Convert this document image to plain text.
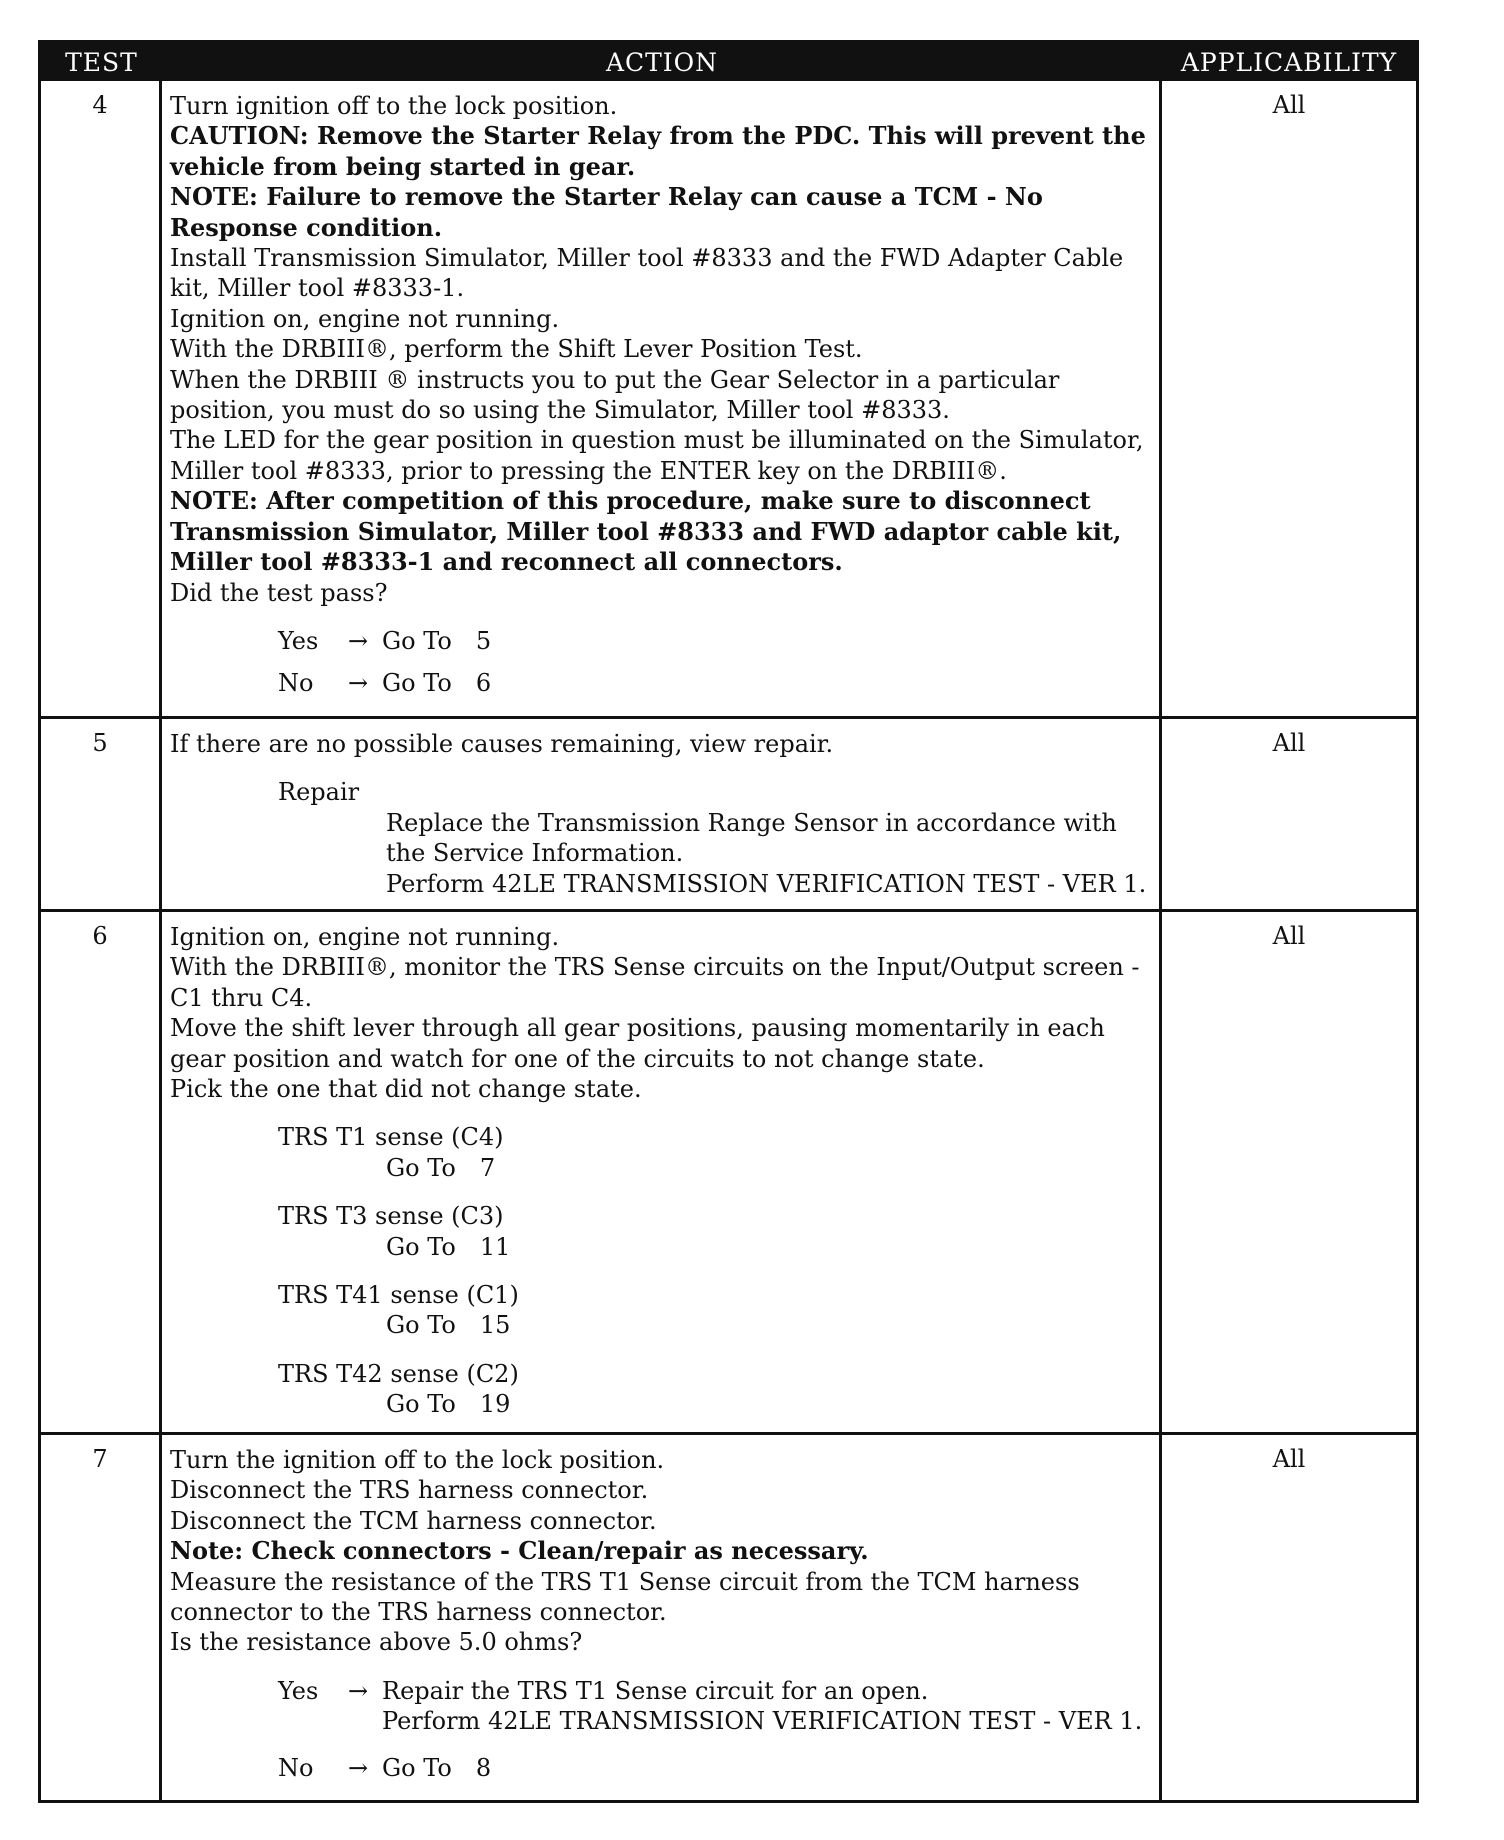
TEST	ACTION	APPLICABILITY
4	Turn ignition off to the lock position.
CAUTION: Remove the Starter Relay from the PDC. This will prevent the vehicle from being started in gear.
NOTE: Failure to remove the Starter Relay can cause a TCM - No Response condition.
Install Transmission Simulator, Miller tool #8333 and the FWD Adapter Cable kit, Miller tool #8333-1.
Ignition on, engine not running.
With the DRBIII®, perform the Shift Lever Position Test.
When the DRBIII ® instructs you to put the Gear Selector in a particular position, you must do so using the Simulator, Miller tool #8333.
The LED for the gear position in question must be illuminated on the Simulator, Miller tool #8333, prior to pressing the ENTER key on the DRBIII®.
NOTE: After competition of this procedure, make sure to disconnect Transmission Simulator, Miller tool #8333 and FWD adaptor cable kit, Miller tool #8333-1 and reconnect all connectors.
Did the test pass?
Yes	→ Go To 5
No	→ Go To 6
All
5	If there are no possible causes remaining, view repair.
Repair
Replace the Transmission Range Sensor in accordance with the Service Information.
Perform 42LE TRANSMISSION VERIFICATION TEST - VER 1.
All
6	Ignition on, engine not running.
With the DRBIII®, monitor the TRS Sense circuits on the Input/Output screen - C1 thru C4.
Move the shift lever through all gear positions, pausing momentarily in each gear position and watch for one of the circuits to not change state.
Pick the one that did not change state.
TRS T1 sense (C4)
Go To 7
TRS T3 sense (C3)
Go To 11
TRS T41 sense (C1)
Go To 15
TRS T42 sense (C2)
Go To 19
All
7	Turn the ignition off to the lock position.
Disconnect the TRS harness connector.
Disconnect the TCM harness connector.
Note: Check connectors - Clean/repair as necessary.
Measure the resistance of the TRS T1 Sense circuit from the TCM harness connector to the TRS harness connector.
Is the resistance above 5.0 ohms?
Yes	→ Repair the TRS T1 Sense circuit for an open.
Perform 42LE TRANSMISSION VERIFICATION TEST - VER 1.
No	→ Go To 8
All
